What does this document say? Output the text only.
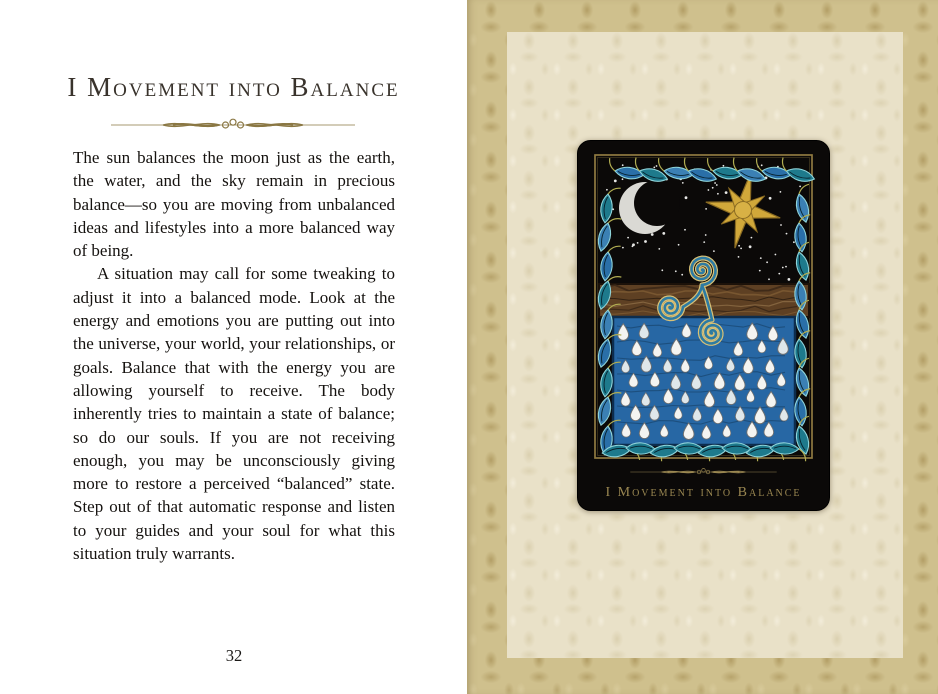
I Movement into Balance

The sun balances the moon just as the earth, the water, and the sky remain in precious balance—so you are moving from unbalanced ideas and lifestyles into a more balanced way of being.

A situation may call for some tweaking to adjust it into a balanced mode. Look at the energy and emotions you are putting out into the universe, your world, your relationships, or goals. Balance that with the energy you are allowing yourself to receive. The body inherently tries to maintain a state of balance; so do our souls. If you are not receiving enough, you may be unconsciously giving more to restore a perceived “balanced” state. Step out of that automatic response and listen to your guides and your soul for what this situation truly warrants.

32
I Movement into Balance
